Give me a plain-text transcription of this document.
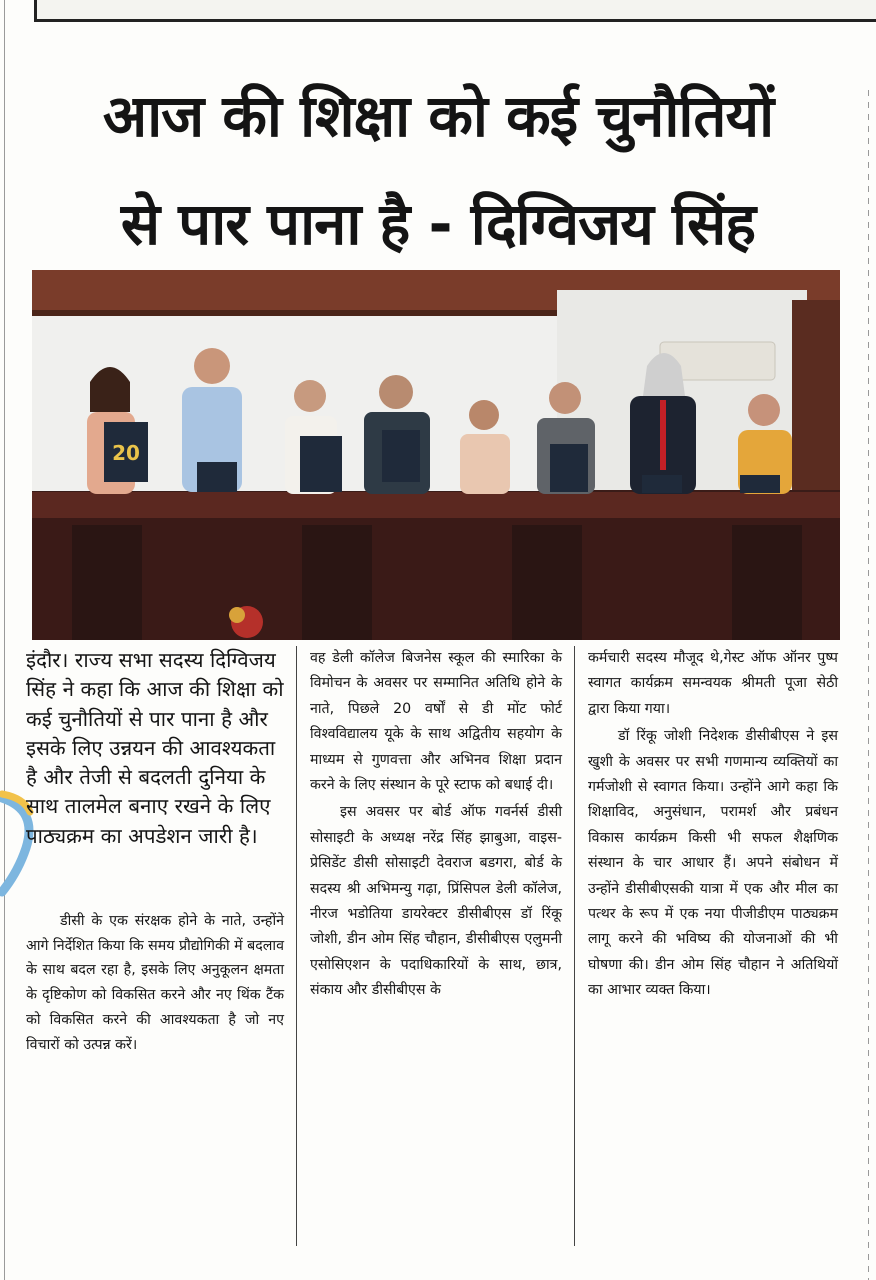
आज की शिक्षा को कई चुनौतियों
से पार पाना है - दिग्विजय सिंह
20

इंदौर। राज्य सभा सदस्य दिग्विजय सिंह ने कहा कि आज की शिक्षा को कई चुनौतियों से पार पाना है और इसके लिए उन्नयन की आवश्यकता है और तेजी से बदलती दुनिया के साथ तालमेल बनाए रखने के लिए पाठ्यक्रम का अपडेशन जारी है।

डीसी के एक संरक्षक होने के नाते, उन्होंने आगे निर्देशित किया कि समय प्रौद्योगिकी में बदलाव के साथ बदल रहा है, इसके लिए अनुकूलन क्षमता के दृष्टिकोण को विकसित करने और नए थिंक टैंक को विकसित करने की आवश्यकता है जो नए विचारों को उत्पन्न करें।

वह डेली कॉलेज बिजनेस स्कूल की स्मारिका के विमोचन के अवसर पर सम्मानित अतिथि होने के नाते, पिछले 20 वर्षों से डी मोंट फोर्ट विश्वविद्यालय यूके के साथ अद्वितीय सहयोग के माध्यम से गुणवत्ता और अभिनव शिक्षा प्रदान करने के लिए संस्थान के पूरे स्टाफ को बधाई दी।

इस अवसर पर बोर्ड ऑफ गवर्नर्स डीसी सोसाइटी के अध्यक्ष नरेंद्र सिंह झाबुआ, वाइस-प्रेसिडेंट डीसी सोसाइटी देवराज बडगरा, बोर्ड के सदस्य श्री अभिमन्यु गढ़ा, प्रिंसिपल डेली कॉलेज, नीरज भडोतिया डायरेक्टर डीसीबीएस डॉ रिंकू जोशी, डीन ओम सिंह चौहान, डीसीबीएस एलुमनी एसोसिएशन के पदाधिकारियों के साथ, छात्र, संकाय और डीसीबीएस के

कर्मचारी सदस्य मौजूद थे,गेस्ट ऑफ ऑनर पुष्प स्वागत कार्यक्रम समन्वयक श्रीमती पूजा सेठी द्वारा किया गया।

डॉ रिंकू जोशी निदेशक डीसीबीएस ने इस खुशी के अवसर पर सभी गणमान्य व्यक्तियों का गर्मजोशी से स्वागत किया। उन्होंने आगे कहा कि शिक्षाविद, अनुसंधान, परामर्श और प्रबंधन विकास कार्यक्रम किसी भी सफल शैक्षणिक संस्थान के चार आधार हैं। अपने संबोधन में उन्होंने डीसीबीएसकी यात्रा में एक और मील का पत्थर के रूप में एक नया पीजीडीएम पाठ्यक्रम लागू करने की भविष्य की योजनाओं की भी घोषणा की। डीन ओम सिंह चौहान ने अतिथियों का आभार व्यक्त किया।
